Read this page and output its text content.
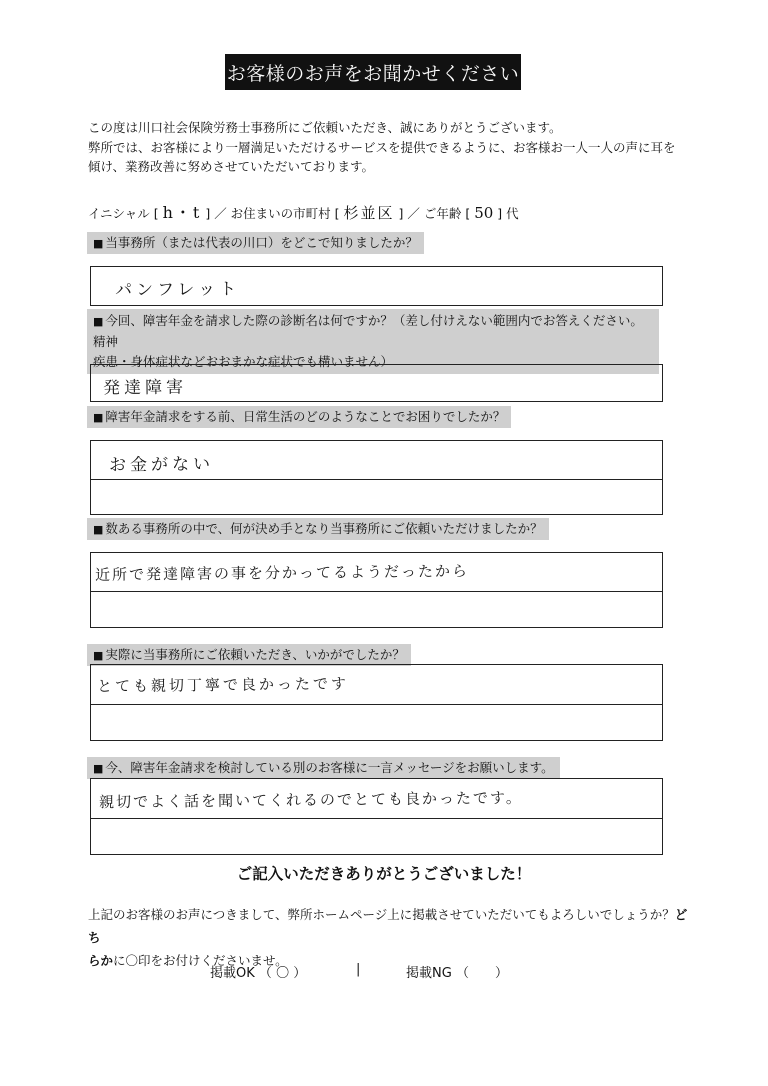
お客様のお声をお聞かせください
この度は川口社会保険労務士事務所にご依頼いただき、誠にありがとうございます。
弊所では、お客様により一層満足いただけるサービスを提供できるように、お客様お一人一人の声に耳を
傾け、業務改善に努めさせていただいております。
イニシャル [ h・t ] ／ お住まいの市町村 [ 杉並区 ] ／ ご年齢 [ 50 ] 代
■ 当事務所（または代表の川口）をどこで知りましたか？
パンフレット
■ 今回、障害年金を請求した際の診断名は何ですか？（差し付けえない範囲内でお答えください。精神
疾患・身体症状などおおまかな症状でも構いません）
発達障害
■ 障害年金請求をする前、日常生活のどのようなことでお困りでしたか？
お金がない
■ 数ある事務所の中で、何が決め手となり当事務所にご依頼いただけましたか？
近所で発達障害の事を分かってるようだったから
■ 実際に当事務所にご依頼いただき、いかがでしたか？
とても親切丁寧で良かったです
■ 今、障害年金請求を検討している別のお客様に一言メッセージをお願いします。
親切でよく話を聞いてくれるのでとても良かったです。
ご記入いただきありがとうございました！
上記のお客様のお声につきまして、弊所ホームページ上に掲載させていただいてもよろしいでしょうか？どち
らかに〇印をお付けくださいませ。
掲載OK （ 〇 ）	|	掲載NG （　　）
